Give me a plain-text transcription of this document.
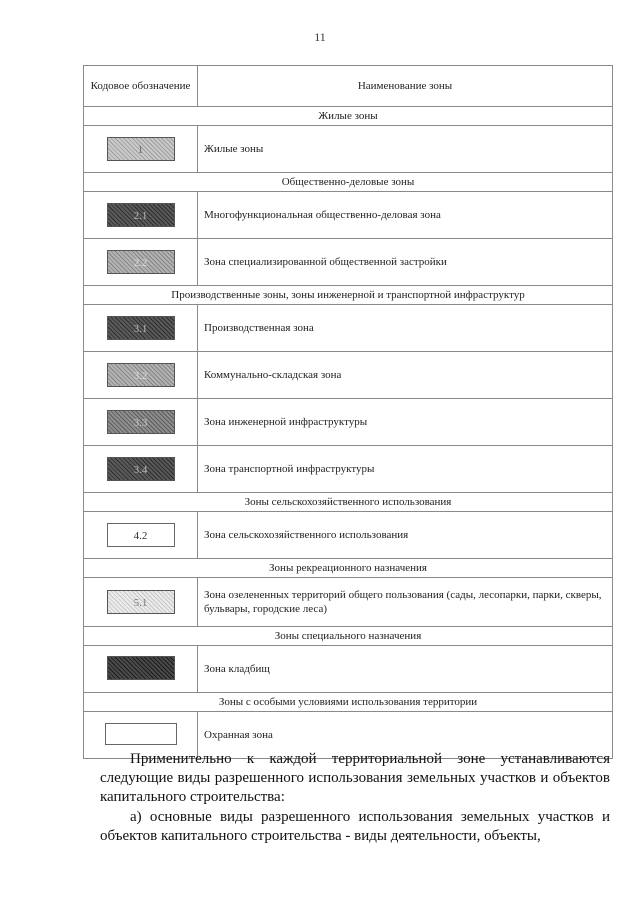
11
Кодовое обозначение	Наименование зоны
Жилые зоны	
1	Жилые зоны
Общественно-деловые зоны	
2.1	Многофункциональная общественно-деловая зона
2.2	Зона специализированной общественной застройки
Производственные зоны, зоны инженерной и транспортной инфраструктур	
3.1	Производственная зона
3.2	Коммунально-складская зона
3.3	Зона инженерной инфраструктуры
3.4	Зона транспортной инфраструктуры
Зоны сельскохозяйственного использования	
4.2	Зона сельскохозяйственного использования
Зоны рекреационного назначения	
5.1	Зона озелененных территорий общего пользования (сады, лесопарки, парки, скверы, бульвары, городские леса)
Зоны специального назначения	
	Зона кладбищ
Зоны с особыми условиями использования территории	
	Охранная зона

Применительно к каждой территориальной зоне устанавливаются следующие виды разрешенного использования земельных участков и объектов капитального строительства:

а) основные виды разрешенного использования земельных участков и объектов капитального строительства - виды деятельности, объекты,
